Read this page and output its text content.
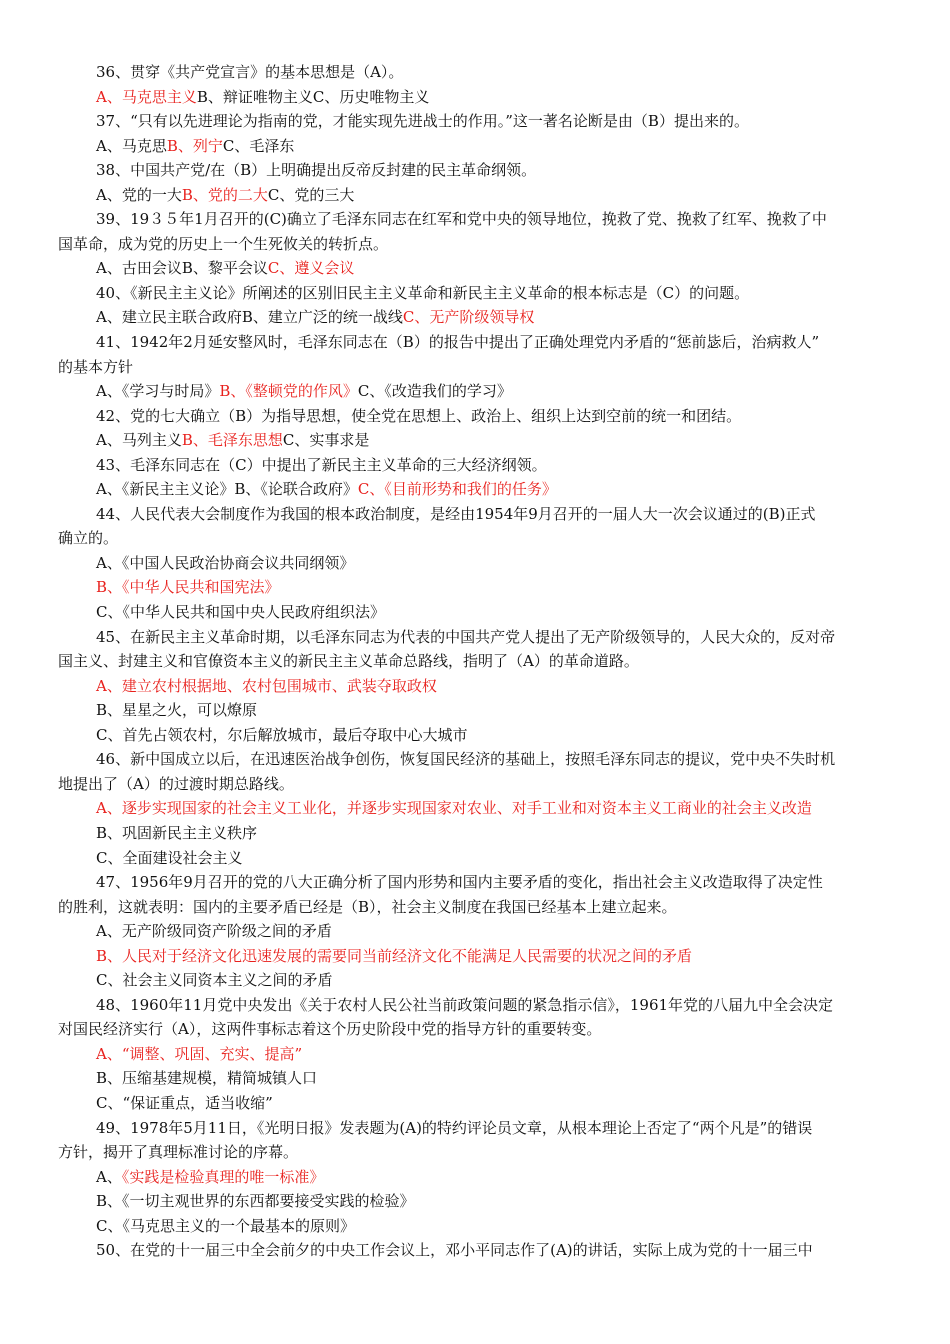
36、贯穿《共产党宣言》的基本思想是（A）。
A、马克思主义B、辩证唯物主义C、历史唯物主义
37、“只有以先进理论为指南的党，才能实现先进战士的作用。”这一著名论断是由（B）提出来的。
A、马克思B、列宁C、毛泽东
38、中国共产党/在（B）上明确提出反帝反封建的民主革命纲领。
A、党的一大B、党的二大C、党的三大
39、19３５年1月召开的(C)确立了毛泽东同志在红军和党中央的领导地位，挽救了党、挽救了红军、挽救了中
国革命，成为党的历史上一个生死攸关的转折点。
A、古田会议B、黎平会议C、遵义会议
40、《新民主主义论》所阐述的区别旧民主主义革命和新民主主义革命的根本标志是（C）的问题。
A、建立民主联合政府B、建立广泛的统一战线C、无产阶级领导权
41、1942年2月延安整风时，毛泽东同志在（B）的报告中提出了正确处理党内矛盾的“惩前毖后，治病救人”
的基本方针
A、《学习与时局》B、《整顿党的作风》C、《改造我们的学习》
42、党的七大确立（B）为指导思想，使全党在思想上、政治上、组织上达到空前的统一和团结。
A、马列主义B、毛泽东思想C、实事求是
43、毛泽东同志在（C）中提出了新民主主义革命的三大经济纲领。
A、《新民主主义论》B、《论联合政府》C、《目前形势和我们的任务》
44、人民代表大会制度作为我国的根本政治制度，是经由1954年9月召开的一届人大一次会议通过的(B)正式
确立的。
A、《中国人民政治协商会议共同纲领》
B、《中华人民共和国宪法》
C、《中华人民共和国中央人民政府组织法》
45、在新民主主义革命时期，以毛泽东同志为代表的中国共产党人提出了无产阶级领导的，人民大众的，反对帝
国主义、封建主义和官僚资本主义的新民主主义革命总路线，指明了（A）的革命道路。
A、建立农村根据地、农村包围城市、武装夺取政权
B、星星之火，可以燎原
C、首先占领农村，尔后解放城市，最后夺取中心大城市
46、新中国成立以后，在迅速医治战争创伤，恢复国民经济的基础上，按照毛泽东同志的提议，党中央不失时机
地提出了（A）的过渡时期总路线。
A、逐步实现国家的社会主义工业化，并逐步实现国家对农业、对手工业和对资本主义工商业的社会主义改造
B、巩固新民主主义秩序
C、全面建设社会主义
47、1956年9月召开的党的八大正确分析了国内形势和国内主要矛盾的变化，指出社会主义改造取得了决定性
的胜利，这就表明：国内的主要矛盾已经是（B），社会主义制度在我国已经基本上建立起来。
A、无产阶级同资产阶级之间的矛盾
B、人民对于经济文化迅速发展的需要同当前经济文化不能满足人民需要的状况之间的矛盾
C、社会主义同资本主义之间的矛盾
48、1960年11月党中央发出《关于农村人民公社当前政策问题的紧急指示信》，1961年党的八届九中全会决定
对国民经济实行（A），这两件事标志着这个历史阶段中党的指导方针的重要转变。
A、“调整、巩固、充实、提高”
B、压缩基建规模，精简城镇人口
C、“保证重点，适当收缩”
49、1978年5月11日，《光明日报》发表题为(A)的特约评论员文章，从根本理论上否定了“两个凡是”的错误
方针，揭开了真理标准讨论的序幕。
A、《实践是检验真理的唯一标准》
B、《一切主观世界的东西都要接受实践的检验》
C、《马克思主义的一个最基本的原则》
50、在党的十一届三中全会前夕的中央工作会议上，邓小平同志作了(A)的讲话，实际上成为党的十一届三中
